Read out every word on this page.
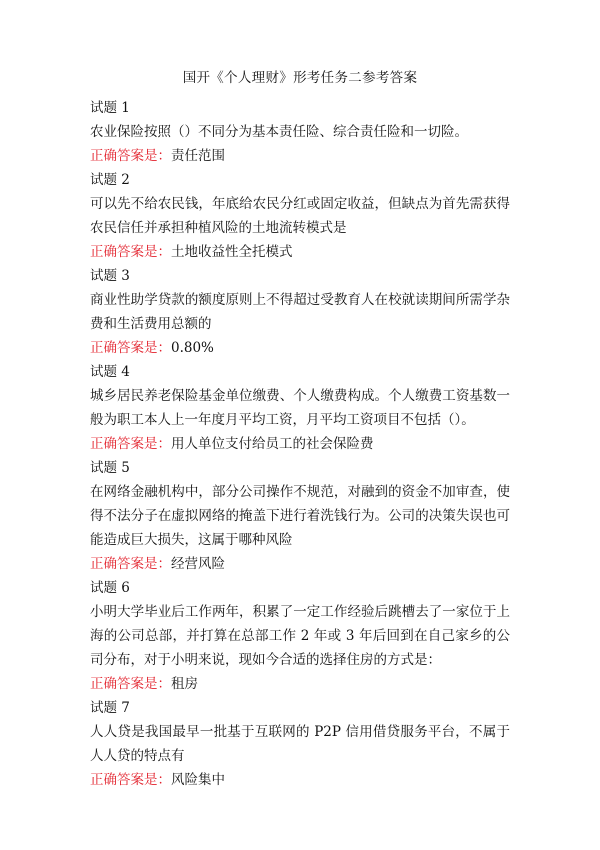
国开《个人理财》形考任务二参考答案
试题 1
农业保险按照（）不同分为基本责任险、综合责任险和一切险。
正确答案是：责任范围
试题 2
可以先不给农民钱，年底给农民分红或固定收益，但缺点为首先需获得农民信任并承担种植风险的土地流转模式是
正确答案是：土地收益性全托模式
试题 3
商业性助学贷款的额度原则上不得超过受教育人在校就读期间所需学杂费和生活费用总额的
正确答案是：0.80%
试题 4
城乡居民养老保险基金单位缴费、个人缴费构成。个人缴费工资基数一般为职工本人上一年度月平均工资，月平均工资项目不包括（）。
正确答案是：用人单位支付给员工的社会保险费
试题 5
在网络金融机构中，部分公司操作不规范，对融到的资金不加审查，使得不法分子在虚拟网络的掩盖下进行着洗钱行为。公司的决策失误也可能造成巨大损失，这属于哪种风险
正确答案是：经营风险
试题 6
小明大学毕业后工作两年，积累了一定工作经验后跳槽去了一家位于上海的公司总部，并打算在总部工作 2 年或 3 年后回到在自己家乡的公司分布，对于小明来说，现如今合适的选择住房的方式是：
正确答案是：租房
试题 7
人人贷是我国最早一批基于互联网的 P2P 信用借贷服务平台，不属于人人贷的特点有
正确答案是：风险集中
